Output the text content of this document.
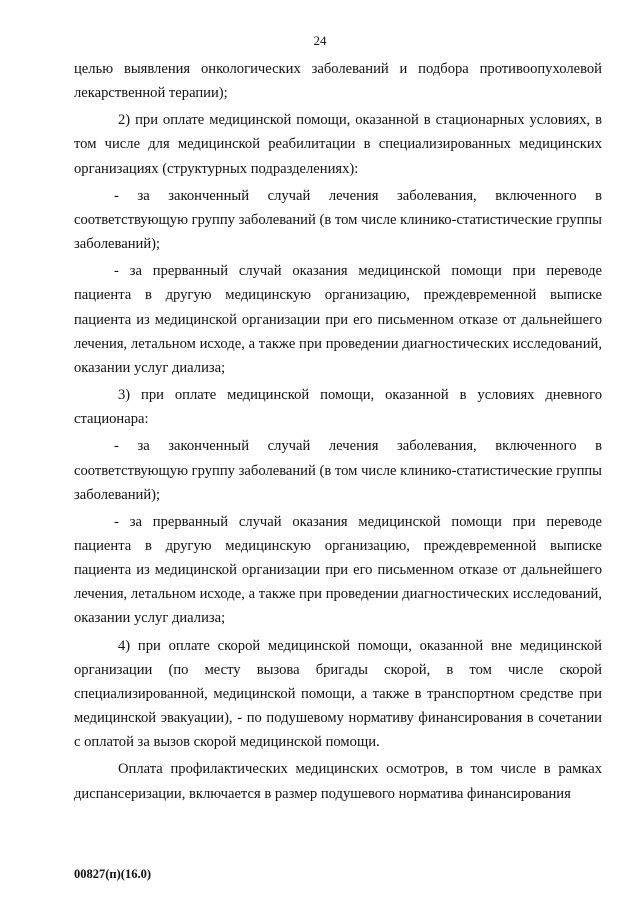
24

целью выявления онкологических заболеваний и подбора противоопухолевой лекарственной терапии);

2) при оплате медицинской помощи, оказанной в стационарных условиях, в том числе для медицинской реабилитации в специализированных медицинских организациях (структурных подразделениях):

- за законченный случай лечения заболевания, включенного в соответствующую группу заболеваний (в том числе клинико-статистические группы заболеваний);

- за прерванный случай оказания медицинской помощи при переводе пациента в другую медицинскую организацию, преждевременной выписке пациента из медицинской организации при его письменном отказе от дальнейшего лечения, летальном исходе, а также при проведении диагностических исследований, оказании услуг диализа;

3) при оплате медицинской помощи, оказанной в условиях дневного стационара:

- за законченный случай лечения заболевания, включенного в соответствующую группу заболеваний (в том числе клинико-статистические группы заболеваний);

- за прерванный случай оказания медицинской помощи при переводе пациента в другую медицинскую организацию, преждевременной выписке пациента из медицинской организации при его письменном отказе от дальнейшего лечения, летальном исходе, а также при проведении диагностических исследований, оказании услуг диализа;

4) при оплате скорой медицинской помощи, оказанной вне медицинской организации (по месту вызова бригады скорой, в том числе скорой специализированной, медицинской помощи, а также в транспортном средстве при медицинской эвакуации), - по подушевому нормативу финансирования в сочетании с оплатой за вызов скорой медицинской помощи.

Оплата профилактических медицинских осмотров, в том числе в рамках диспансеризации, включается в размер подушевого норматива финансирования

00827(п)(16.0)
